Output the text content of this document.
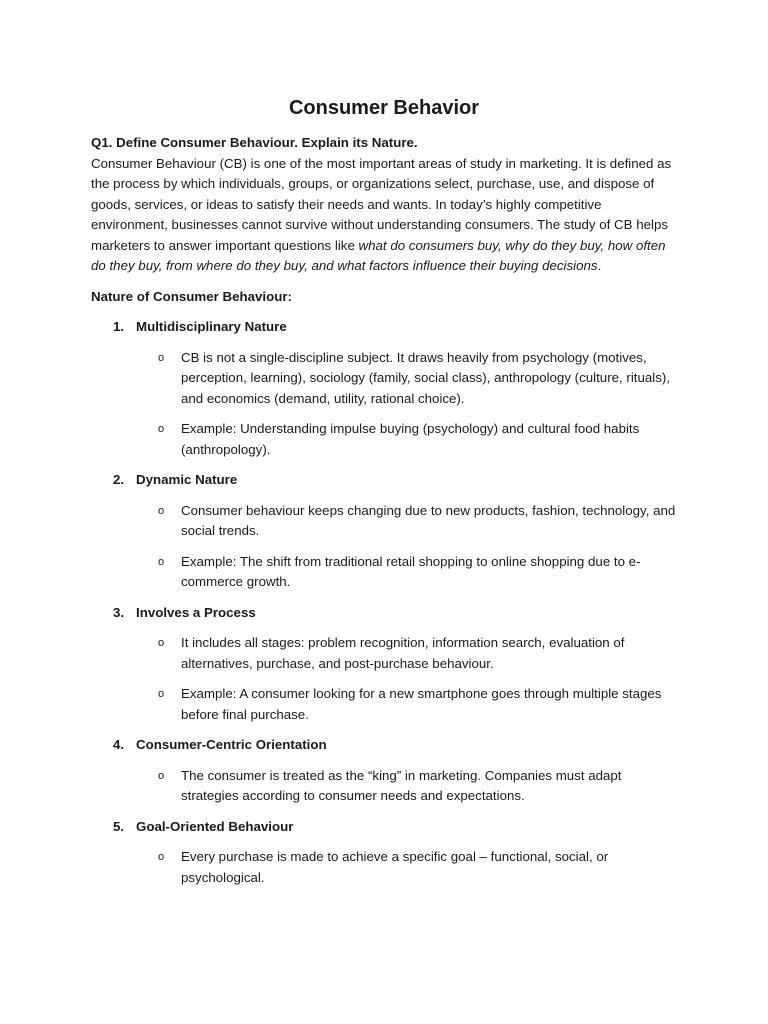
Consumer Behavior

Q1. Define Consumer Behaviour. Explain its Nature.

Consumer Behaviour (CB) is one of the most important areas of study in marketing. It is defined as the process by which individuals, groups, or organizations select, purchase, use, and dispose of goods, services, or ideas to satisfy their needs and wants. In today’s highly competitive environment, businesses cannot survive without understanding consumers. The study of CB helps marketers to answer important questions like what do consumers buy, why do they buy, how often do they buy, from where do they buy, and what factors influence their buying decisions.

Nature of Consumer Behaviour:

1. Multidisciplinary Nature
o CB is not a single-discipline subject. It draws heavily from psychology (motives, perception, learning), sociology (family, social class), anthropology (culture, rituals), and economics (demand, utility, rational choice).
o Example: Understanding impulse buying (psychology) and cultural food habits (anthropology).
2. Dynamic Nature
o Consumer behaviour keeps changing due to new products, fashion, technology, and social trends.
o Example: The shift from traditional retail shopping to online shopping due to e-commerce growth.
3. Involves a Process
o It includes all stages: problem recognition, information search, evaluation of alternatives, purchase, and post-purchase behaviour.
o Example: A consumer looking for a new smartphone goes through multiple stages before final purchase.
4. Consumer-Centric Orientation
o The consumer is treated as the “king” in marketing. Companies must adapt strategies according to consumer needs and expectations.
5. Goal-Oriented Behaviour
o Every purchase is made to achieve a specific goal – functional, social, or psychological.
